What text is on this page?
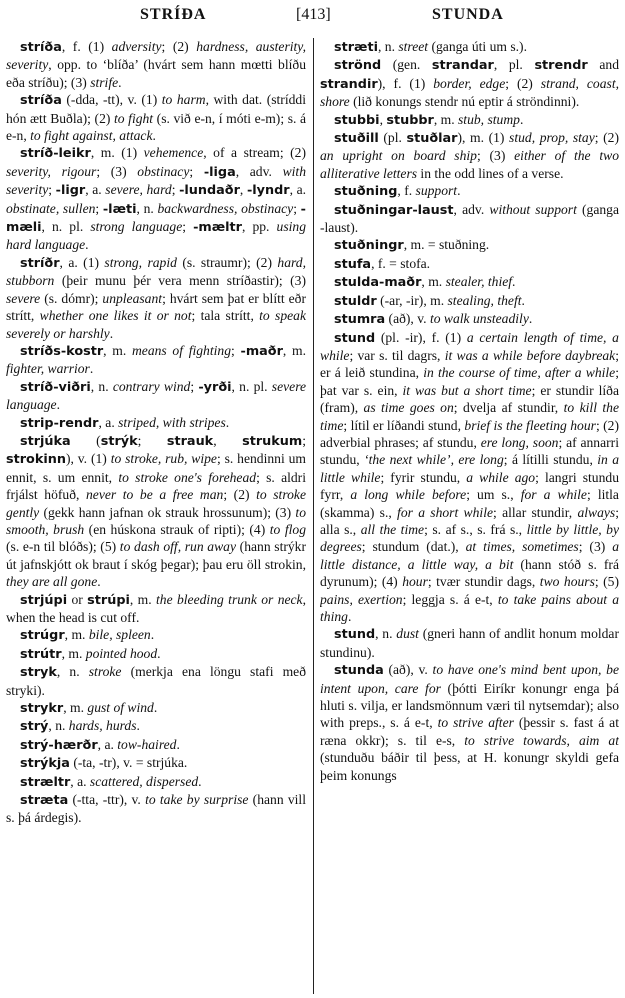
STRÍÐA	[413]	STUNDA

stríða, f. (1) adversity; (2) hardness, austerity, severity, opp. to ‘blíða’ (hvárt sem hann mœtti blíðu eða stríðu); (3) strife.

stríða (-dda, -tt), v. (1) to harm, with dat. (stríddi hón ætt Buðla); (2) to fight (s. við e-n, í móti e-m); s. á e-n, to fight against, attack.

stríð-leikr, m. (1) vehemence, of a stream; (2) severity, rigour; (3) obstinacy; -liga, adv. with severity; -ligr, a. severe, hard; -lundaðr, -lyndr, a. obstinate, sullen; -læti, n. backwardness, obstinacy; -mæli, n. pl. strong language; -mæltr, pp. using hard language.

stríðr, a. (1) strong, rapid (s. straumr); (2) hard, stubborn (þeir munu þér vera menn stríðastir); (3) severe (s. dómr); unpleasant; hvárt sem þat er blítt eðr strítt, whether one likes it or not; tala strítt, to speak severely or harshly.

stríðs-kostr, m. means of fighting; -maðr, m. fighter, warrior.

stríð-viðri, n. contrary wind; -yrði, n. pl. severe language.

strip-rendr, a. striped, with stripes.

strjúka (strýk; strauk, strukum; strokinn), v. (1) to stroke, rub, wipe; s. hendinni um ennit, s. um ennit, to stroke one's forehead; s. aldri frjálst höfuð, never to be a free man; (2) to stroke gently (gekk hann jafnan ok strauk hrossunum); (3) to smooth, brush (en húskona strauk of ripti); (4) to flog (s. e-n til blóðs); (5) to dash off, run away (hann strýkr út jafnskjótt ok braut í skóg þegar); þau eru öll strokin, they are all gone.

strjúpi or strúpi, m. the bleeding trunk or neck, when the head is cut off.

strúgr, m. bile, spleen.

strútr, m. pointed hood.

stryk, n. stroke (merkja ena löngu stafi með stryki).

strykr, m. gust of wind.

strý, n. hards, hurds.

strý-hærðr, a. tow-haired.

strýkja (-ta, -tr), v. = strjúka.

stræltr, a. scattered, dispersed.

stræta (-tta, -ttr), v. to take by surprise (hann vill s. þá árdegis).

stræti, n. street (ganga úti um s.).

strönd (gen. strandar, pl. strendr and strandir), f. (1) border, edge; (2) strand, coast, shore (lið konungs stendr nú eptir á ströndinni).

stubbi, stubbr, m. stub, stump.

stuðill (pl. stuðlar), m. (1) stud, prop, stay; (2) an upright on board ship; (3) either of the two alliterative letters in the odd lines of a verse.

stuðning, f. support.

stuðningar-laust, adv. without support (ganga -laust).

stuðningr, m. = stuðning.

stufa, f. = stofa.

stulda-maðr, m. stealer, thief.

stuldr (-ar, -ir), m. stealing, theft.

stumra (að), v. to walk unsteadily.

stund (pl. -ir), f. (1) a certain length of time, a while; var s. til dagrs, it was a while before daybreak; er á leið stundina, in the course of time, after a while; þat var s. ein, it was but a short time; er stundir líða (fram), as time goes on; dvelja af stundir, to kill the time; lítil er líðandi stund, brief is the fleeting hour; (2) adverbial phrases; af stundu, ere long, soon; af annarri stundu, ‘the next while’, ere long; á lítilli stundu, in a little while; fyrir stundu, a while ago; langri stundu fyrr, a long while before; um s., for a while; litla (skamma) s., for a short while; allar stundir, always; alla s., all the time; s. af s., s. frá s., little by little, by degrees; stundum (dat.), at times, sometimes; (3) a little distance, a little way, a bit (hann stóð s. frá dyrunum); (4) hour; tvær stundir dags, two hours; (5) pains, exertion; leggja s. á e-t, to take pains about a thing.

stund, n. dust (gneri hann of andlit honum moldar stundinu).

stunda (að), v. to have one's mind bent upon, be intent upon, care for (þótti Eiríkr konungr enga þá hluti s. vilja, er landsmönnum væri til nytsemdar); also with preps., s. á e-t, to strive after (þessir s. fast á at ræna okkr); s. til e-s, to strive towards, aim at (stunduðu báðir til þess, at H. konungr skyldi gefa þeim konungs
